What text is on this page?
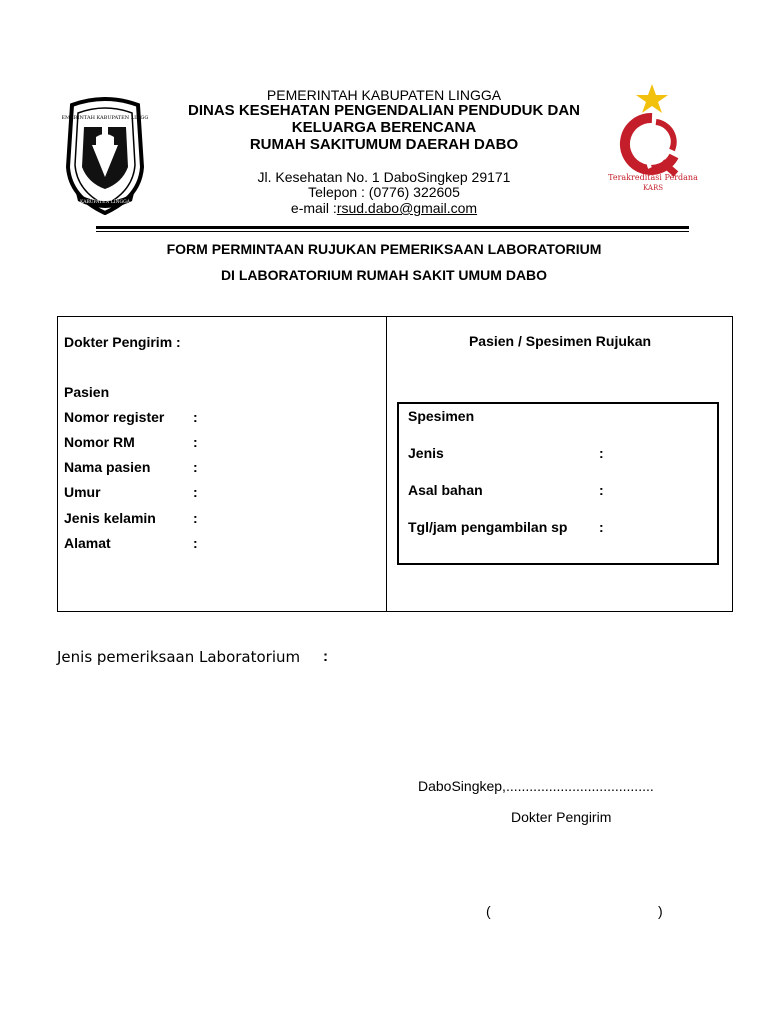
PEMERINTAH KABUPATEN LINGGA
KABUPATEN LINGGA
PEMERINTAH KABUPATEN LINGGA
DINAS KESEHATAN PENGENDALIAN PENDUDUK DAN
KELUARGA BERENCANA
RUMAH SAKITUMUM DAERAH DABO
Jl. Kesehatan No. 1 DaboSingkep 29171
Telepon : (0776) 322605
e-mail :rsud.dabo@gmail.com
Terakreditasi Perdana
KARS
FORM PERMINTAAN RUJUKAN PEMERIKSAAN LABORATORIUM
DI LABORATORIUM RUMAH SAKIT UMUM DABO
Dokter Pengirim :
Pasien
Nomor register :
Nomor RM	:
Nama pasien	:
Umur	:
Jenis kelamin	:
Alamat	:
Pasien / Spesimen Rujukan
Spesimen
Jenis	:
Asal bahan	:
Tgl/jam pengambilan sp :
Jenis pemeriksaan Laboratorium :
DaboSingkep,......................................
Dokter Pengirim
(	)
